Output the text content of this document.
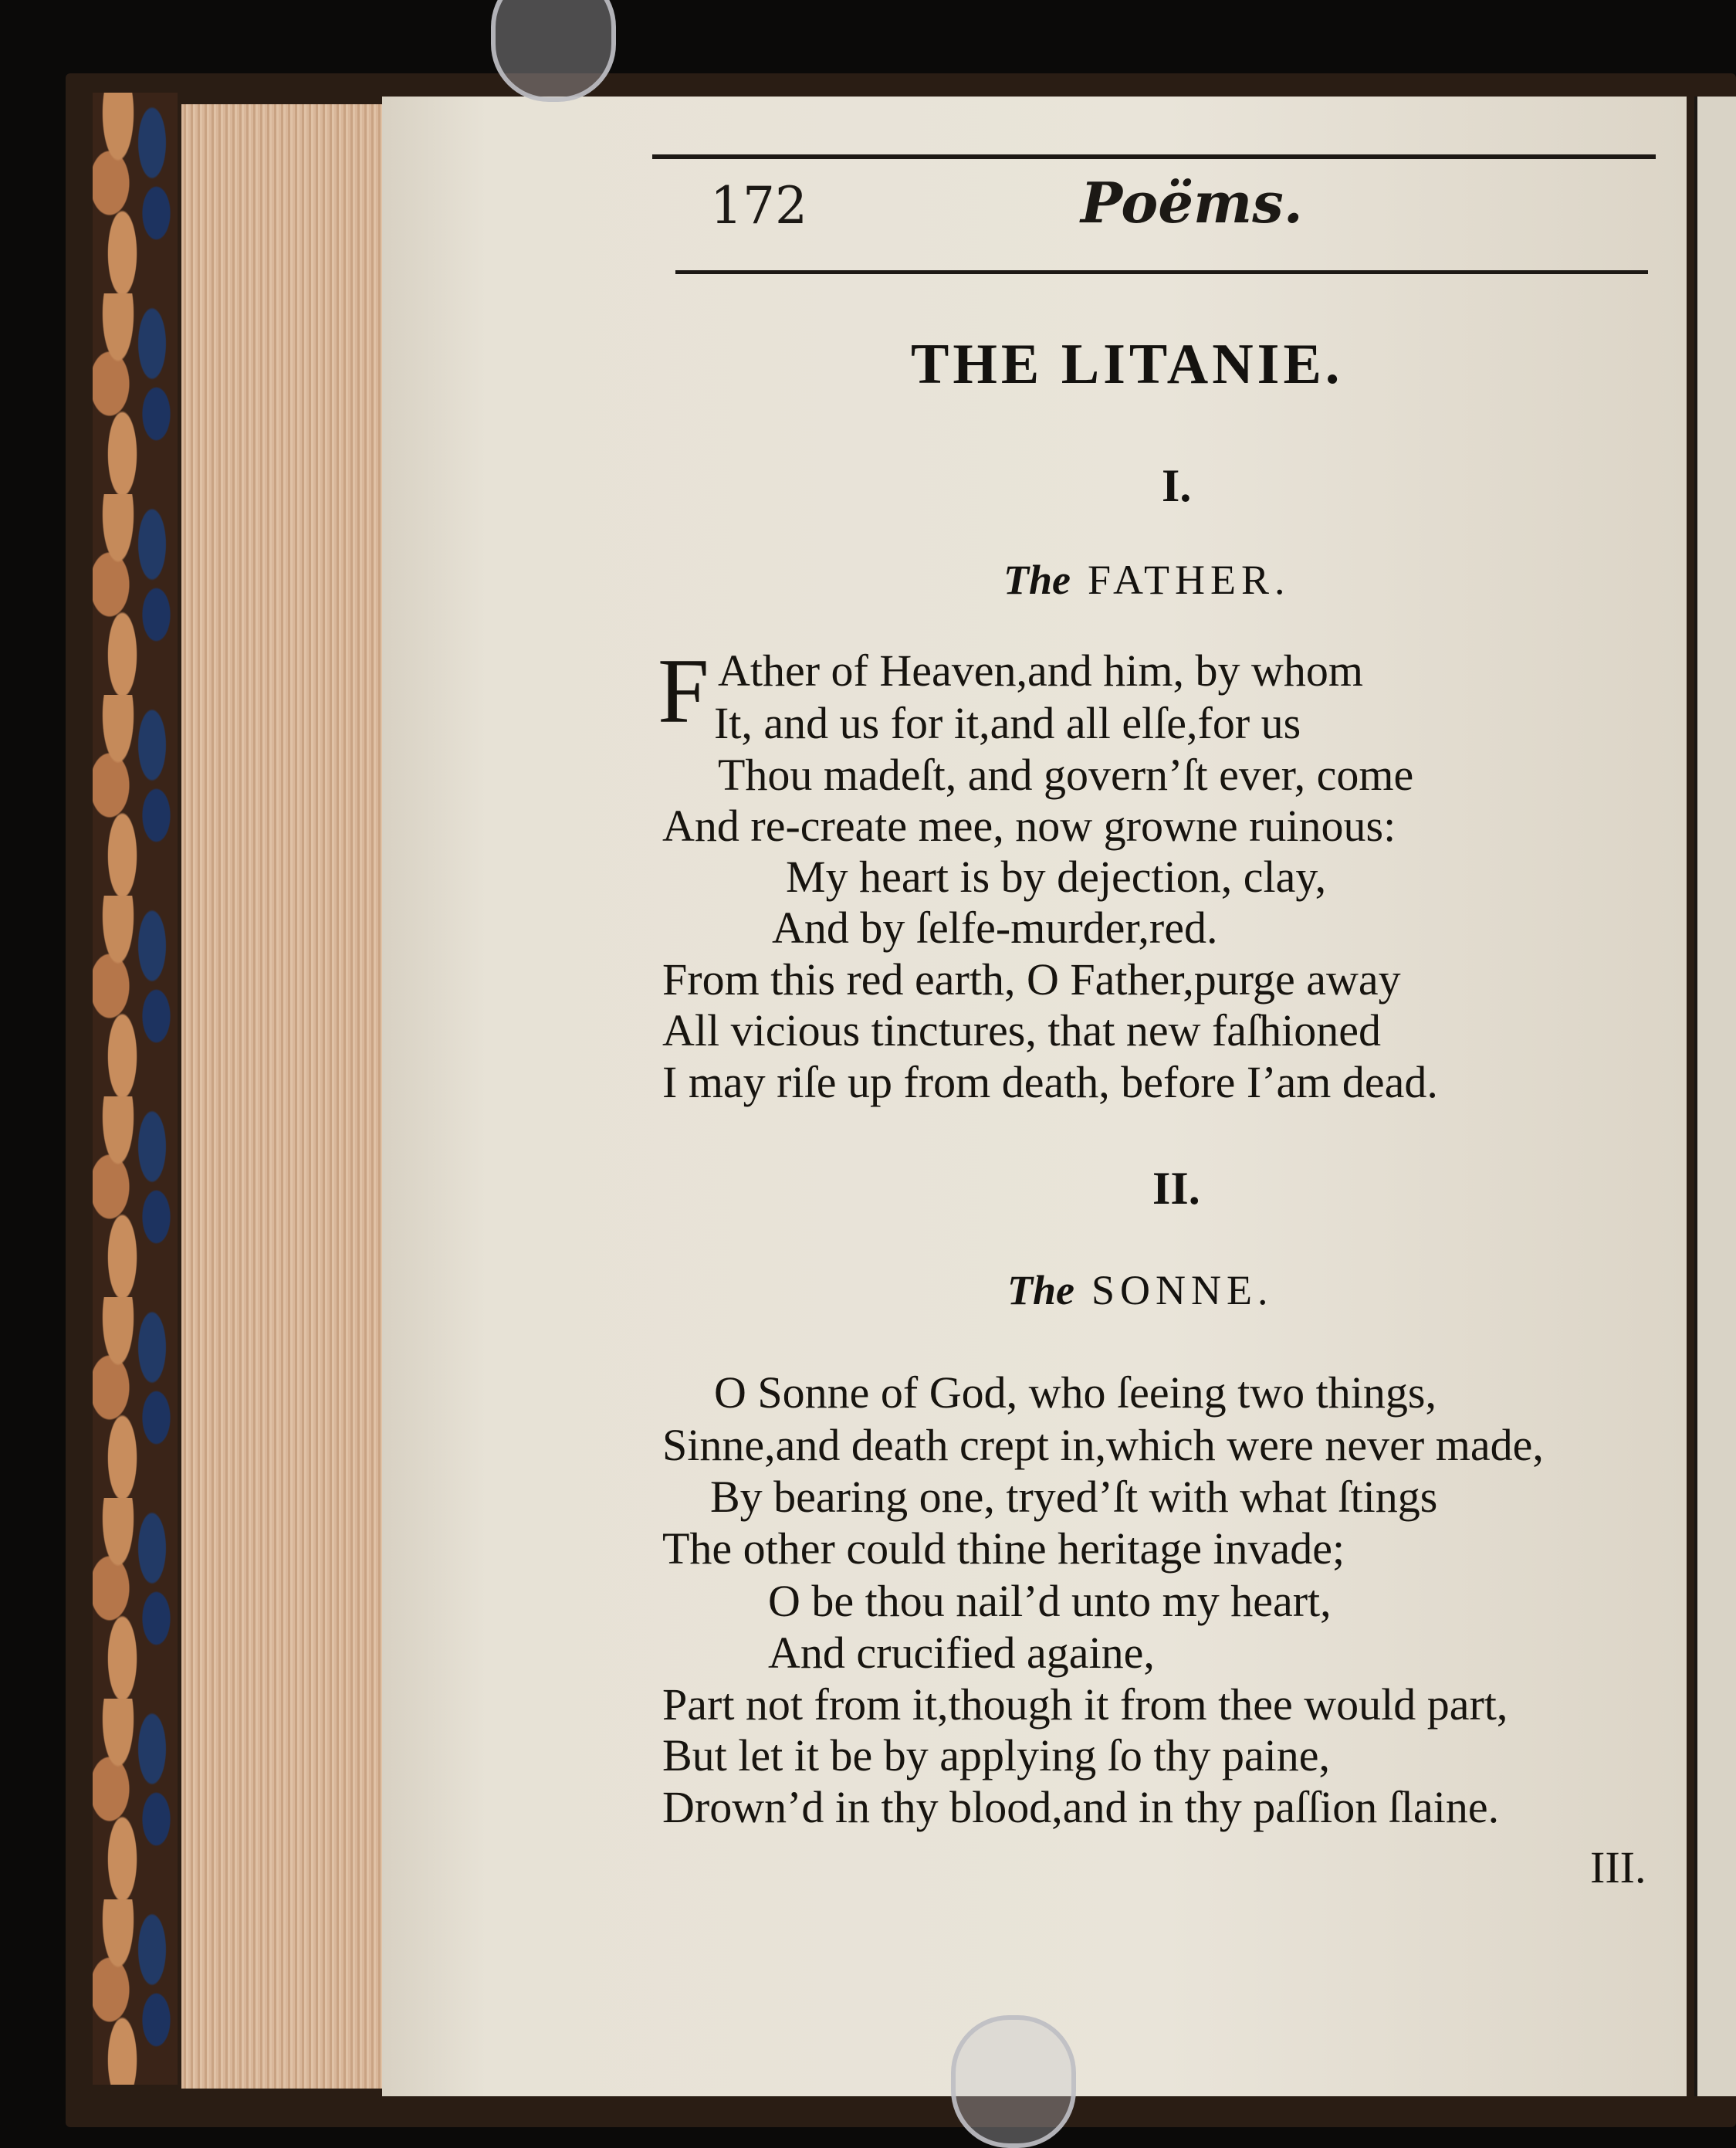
172	Poëms.
THE LITANIE.
I.
The FATHER.
F Ather of Heaven,and him, by whom
It, and us for it,and all elſe,for us
Thou madeſt, and govern’ſt ever, come
And re-create mee, now growne ruinous:
My heart is by dejection, clay,
And by ſelfe-murder,red.
From this red earth, O Father,purge away
All vicious tinctures, that new faſhioned
I may riſe up from death, before I’am dead.
II.
The SONNE.
O Sonne of God, who ſeeing two things,
Sinne,and death crept in,which were never made,
By bearing one, tryed’ſt with what ſtings
The other could thine heritage invade;
O be thou nail’d unto my heart,
And crucified againe,
Part not from it,though it from thee would part,
But let it be by applying ſo thy paine,
Drown’d in thy blood,and in thy paſſion ſlaine.
III.
